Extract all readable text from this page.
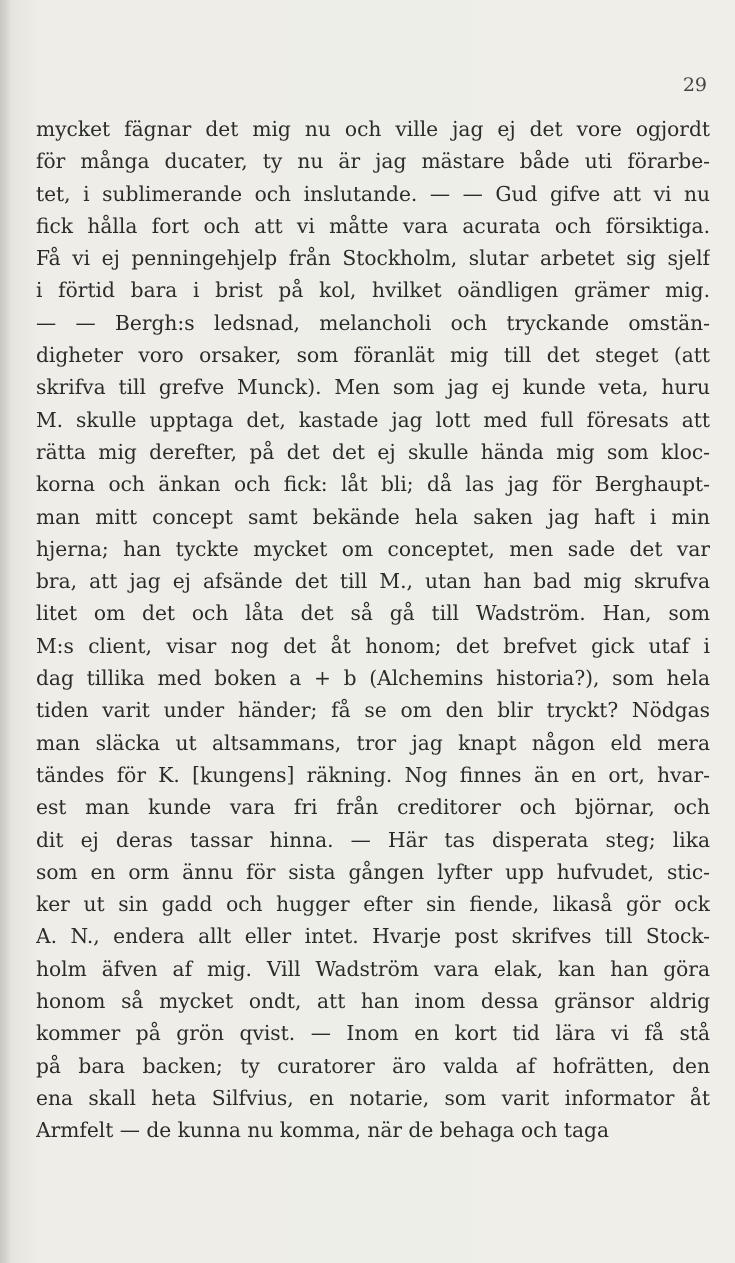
29
mycket fägnar det mig nu och ville jag ej det vore ogjordt
för många ducater, ty nu är jag mästare både uti förarbe-
tet, i sublimerande och inslutande. — — Gud gifve att vi nu
fick hålla fort och att vi måtte vara acurata och försiktiga.
Få vi ej penningehjelp från Stockholm, slutar arbetet sig sjelf
i förtid bara i brist på kol, hvilket oändligen grämer mig.
— — Bergh:s ledsnad, melancholi och tryckande omstän-
digheter voro orsaker, som föranlät mig till det steget (att
skrifva till grefve Munck). Men som jag ej kunde veta, huru
M. skulle upptaga det, kastade jag lott med full föresats att
rätta mig derefter, på det det ej skulle hända mig som kloc-
korna och änkan och fick: låt bli; då las jag för Berghaupt-
man mitt concept samt bekände hela saken jag haft i min
hjerna; han tyckte mycket om conceptet, men sade det var
bra, att jag ej afsände det till M., utan han bad mig skrufva
litet om det och låta det så gå till Wadström. Han, som
M:s client, visar nog det åt honom; det brefvet gick utaf i
dag tillika med boken a + b (Alchemins historia?), som hela
tiden varit under händer; få se om den blir tryckt? Nödgas
man släcka ut altsammans, tror jag knapt någon eld mera
tändes för K. [kungens] räkning. Nog finnes än en ort, hvar-
est man kunde vara fri från creditorer och björnar, och
dit ej deras tassar hinna. — Här tas disperata steg; lika
som en orm ännu för sista gången lyfter upp hufvudet, stic-
ker ut sin gadd och hugger efter sin fiende, likaså gör ock
A. N., endera allt eller intet. Hvarje post skrifves till Stock-
holm äfven af mig. Vill Wadström vara elak, kan han göra
honom så mycket ondt, att han inom dessa gränsor aldrig
kommer på grön qvist. — Inom en kort tid lära vi få stå
på bara backen; ty curatorer äro valda af hofrätten, den
ena skall heta Silfvius, en notarie, som varit informator åt
Armfelt — de kunna nu komma, när de behaga och taga
